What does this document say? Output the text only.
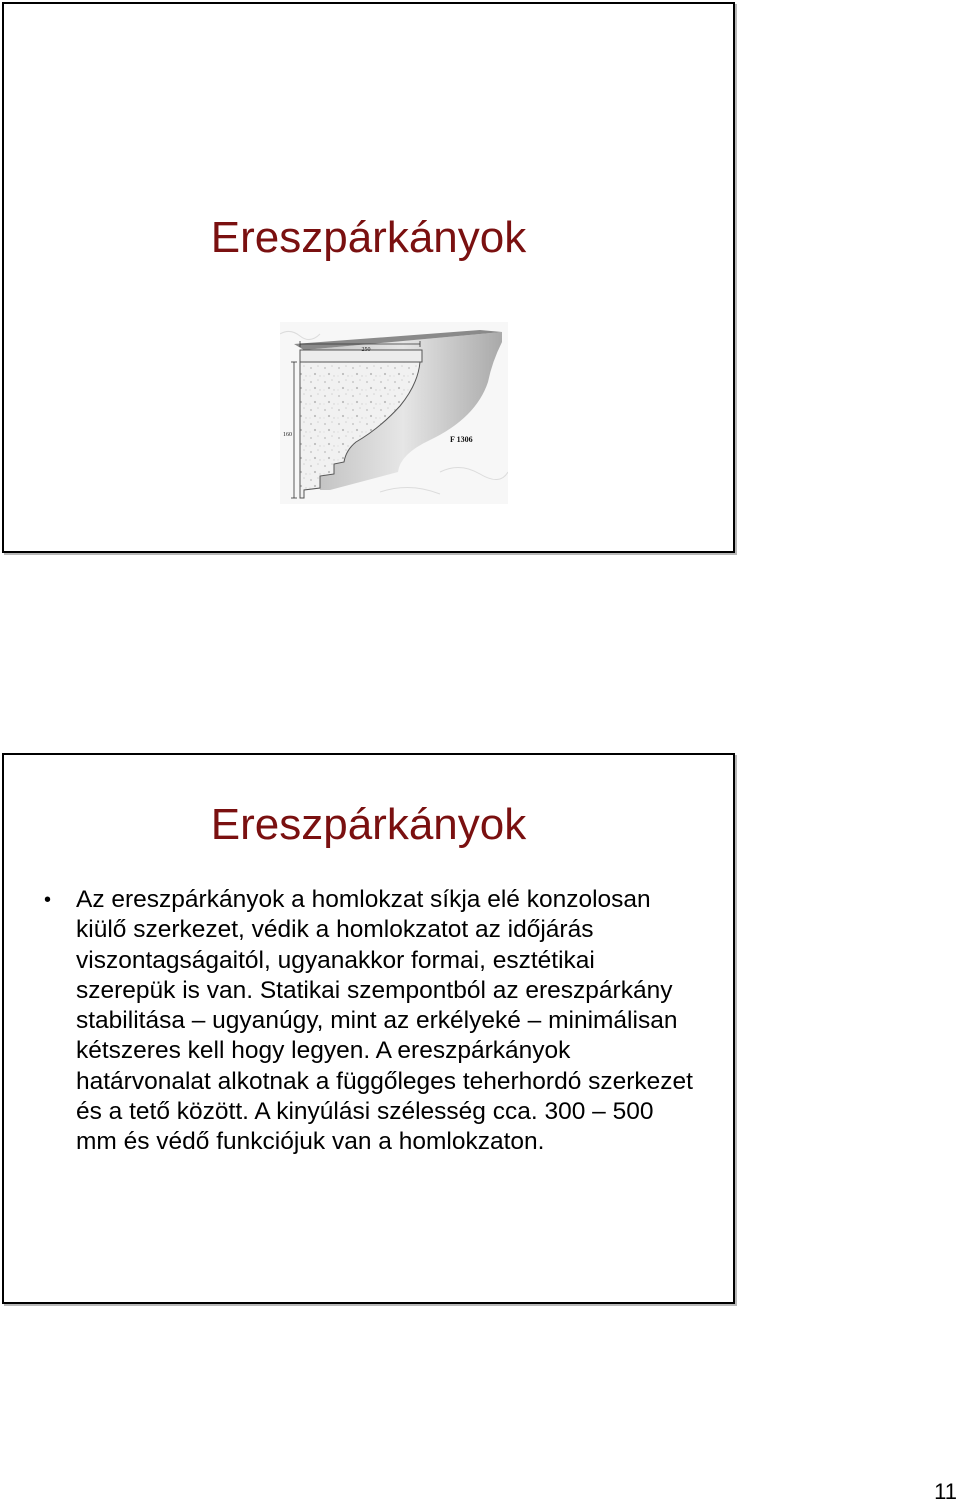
Ereszpárkányok
250
160	F 1306
Ereszpárkányok
• Az ereszpárkányok a homlokzat síkja elé konzolosan kiülő szerkezet, védik a homlokzatot az időjárás viszontagságaitól, ugyanakkor formai, esztétikai szerepük is van. Statikai szempontból az ereszpárkány stabilitása – ugyanúgy, mint az erkélyeké – minimálisan kétszeres kell hogy legyen. A ereszpárkányok határvonalat alkotnak a függőleges teherhordó szerkezet és a tető között. A kinyúlási szélesség cca. 300 – 500 mm és védő funkciójuk van a homlokzaton.
11
